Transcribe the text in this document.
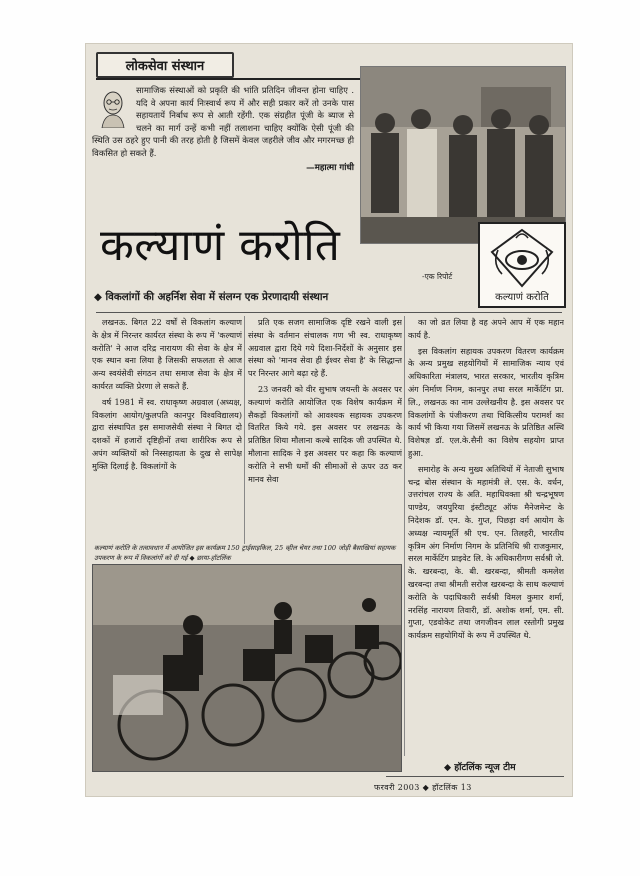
लोकसेवा संस्थान
सामाजिक संस्थाओं को प्रकृति की भांति प्रतिदिन जीवन्त होना चाहिए . यदि वे अपना कार्य निःस्वार्थ रूप में और सही प्रकार करें तो उनके पास सहायतायें निर्बाध रूप से आती रहेंगी. एक संग्रहीत पूंजी के ब्याज से चलने का मार्ग उन्हें कभी नहीं तलाशना चाहिए क्योंकि ऐसी पूंजी की स्थिति उस ठहरे हुए पानी की तरह होती है जिसमें केवल जहरीले जीव और मगरमच्छ ही विकसित हो सकते हैं.
—महात्मा गांधी
कल्याणं करोति
-एक रिपोर्ट
कल्याणं करोति
◆ विकलांगों की अहर्निश सेवा में संलग्न एक प्रेरणादायी संस्थान

लखनऊ. बिगत 22 वर्षों से विकलांग कल्याण के क्षेत्र में निरन्तर कार्यरत संस्था के रूप में 'कल्याणं करोति' ने आज दरिद्र नारायण की सेवा के क्षेत्र में एक स्थान बना लिया है जिसकी सफलता से आज अन्य स्वयंसेवी संगठन तथा समाज सेवा के क्षेत्र में कार्यरत व्यक्ति प्रेरणा ले सकते हैं.

वर्ष 1981 में स्व. राधाकृष्ण अग्रवाल (अध्यक्ष, विकलांग आयोग/कुलपति कानपुर विश्वविद्यालय) द्वारा संस्थापित इस समाजसेवी संस्था ने बिगत दो दशकों में हजारों दृष्टिहीनों तथा शारीरिक रूप से अपंग व्यक्तियों को निस्सहायता के दुख से सापेक्ष मुक्ति दिलाई है. विकलांगों के

प्रति एक सजग सामाजिक दृष्टि रखने वाली इस संस्था के वर्तमान संचालक गण भी स्व. राधाकृष्ण अग्रवाल द्वारा दिये गये दिशा-निर्देशों के अनुसार इस संस्था को 'मानव सेवा ही ईश्वर सेवा है' के सिद्धान्त पर निरन्तर आगे बढ़ा रहे हैं.

23 जनवरी को वीर सुभाष जयन्ती के अवसर पर कल्याणं करोति आयोजित एक विशेष कार्यक्रम में सैकड़ों विकलांगों को आवश्यक सहायक उपकरण वितरित किये गये. इस अवसर पर लखनऊ के प्रतिष्ठित शिया मौलाना कल्बे सादिक जी उपस्थित थे. मौलाना सादिक ने इस अवसर पर कहा कि कल्याणं करोति ने सभी धर्मों की सीमाओं से ऊपर उठ कर मानव सेवा

का जो व्रत लिया है वह अपने आप में एक महान कार्य है.

इस विकलांग सहायक उपकरण वितरण कार्यक्रम के अन्य प्रमुख सहयोगियों में सामाजिक न्याय एवं अधिकारिता मंत्रालय, भारत सरकार, भारतीय कृत्रिम अंग निर्माण निगम, कानपुर तथा सरल मार्केटिंग प्रा. लि., लखनऊ का नाम उल्लेखनीय है. इस अवसर पर विकलांगों के पंजीकरण तथा चिकित्सीय परामर्श का कार्य भी किया गया जिसमें लखनऊ के प्रतिष्ठित अस्थि विशेषज्ञ डॉ. एल.के.सैनी का विशेष सहयोग प्राप्त हुआ.

समारोह के अन्य मुख्य अतिथियों में नेताजी सुभाष चन्द्र बोस संस्थान के महामंत्री ले. एस. के. वर्धन, उत्तरांचल राज्य के अति. महाधिवक्ता श्री चन्द्रभूषण पाण्डेय, जयपुरिया इंस्टीट्यूट ऑफ मैनेजमेन्ट के निदेशक डॉ. एन. के. गुप्त, पिछड़ा वर्ग आयोग के अध्यक्ष न्यायमूर्ति श्री एच. एन. तिलहरी, भारतीय कृत्रिम अंग निर्माण निगम के प्रतिनिधि श्री राजकुमार, सरल मार्केटिंग प्राइवेट लि. के अधिकारीगण सर्वश्री जे. के. खरबन्दा, के. बी. खरबन्दा, श्रीमती कमलेश खरबन्दा तथा श्रीमती सरोज खरबन्दा के साथ कल्याणं करोति के पदाधिकारी सर्वश्री विमल कुमार शर्मा, नरसिंह नारायण तिवारी, डॉ. अशोक शर्मा, एम. सी. गुप्ता, एडवोकेट तथा जगजीवन लाल रस्तोगी प्रमुख कार्यक्रम सहयोगियों के रूप में उपस्थित थे.

कल्याणं करोति के तत्वावधान में आयोजित इस कार्यक्रम 150 ट्राईसाइकिल, 25 व्हील चेयर तथा 100 जोड़ी बैसाखियां सहायक उपकरण के रूप में विकलांगों को दी गई ◆ छाया-हॉटलिंक
◆ हॉटलिंक न्यूज टीम
फरवरी 2003 ◆ हॉटलिंक 13
